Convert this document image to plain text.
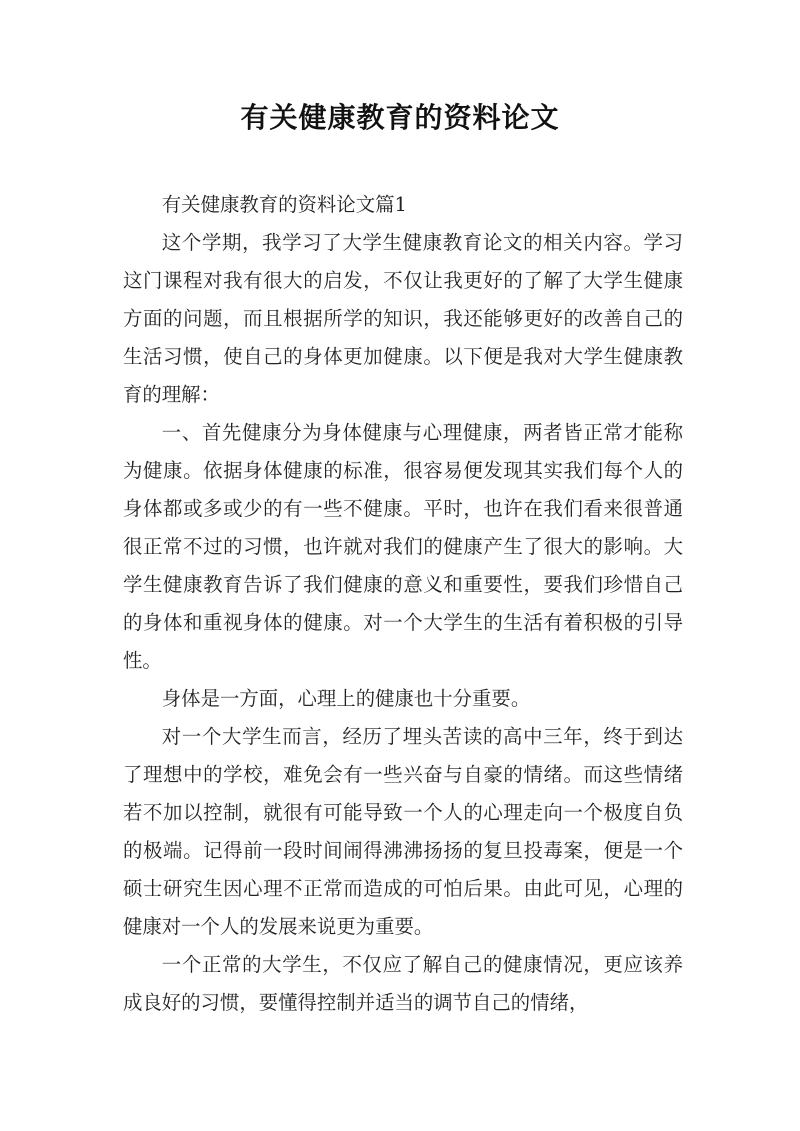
有关健康教育的资料论文

有关健康教育的资料论文篇1

这个学期，我学习了大学生健康教育论文的相关内容。学习这门课程对我有很大的启发，不仅让我更好的了解了大学生健康方面的问题，而且根据所学的知识，我还能够更好的改善自己的生活习惯，使自己的身体更加健康。以下便是我对大学生健康教育的理解：

一、首先健康分为身体健康与心理健康，两者皆正常才能称为健康。依据身体健康的标准，很容易便发现其实我们每个人的身体都或多或少的有一些不健康。平时，也许在我们看来很普通很正常不过的习惯，也许就对我们的健康产生了很大的影响。大学生健康教育告诉了我们健康的意义和重要性，要我们珍惜自己的身体和重视身体的健康。对一个大学生的生活有着积极的引导性。

身体是一方面，心理上的健康也十分重要。

对一个大学生而言，经历了埋头苦读的高中三年，终于到达了理想中的学校，难免会有一些兴奋与自豪的情绪。而这些情绪若不加以控制，就很有可能导致一个人的心理走向一个极度自负的极端。记得前一段时间闹得沸沸扬扬的复旦投毒案，便是一个硕士研究生因心理不正常而造成的可怕后果。由此可见，心理的健康对一个人的发展来说更为重要。

一个正常的大学生，不仅应了解自己的健康情况，更应该养成良好的习惯，要懂得控制并适当的调节自己的情绪，
